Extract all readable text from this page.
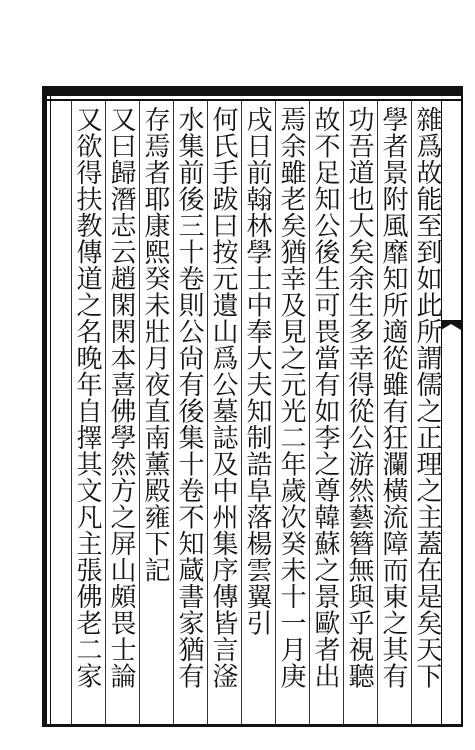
雜爲故能至到如此所謂儒之正理之主蓋在是矣天下
學者景附風靡知所適從雖有狂瀾橫流障而東之其有
功吾道也大矣余生多幸得從公游然藝簪無與乎視聽
故不足知公後生可畏當有如李之尊韓蘇之景歐者出
焉余雖老矣猶幸及見之元光二年歲次癸未十一月庚
戌日前翰林學士中奉大夫知制誥阜落楊雲翼引
何氏手跋曰按元遺山爲公墓誌及中州集序傳皆言滏
水集前後三十卷則公尙有後集十卷不知蔵書家猶有
存焉者耶康熙癸未壯月夜直南薰殿雍下記
又曰歸潛志云趙閑閑本喜佛學然方之屏山頗畏士論
又欲得扶教傳道之名晚年自擇其文凡主張佛老二家
